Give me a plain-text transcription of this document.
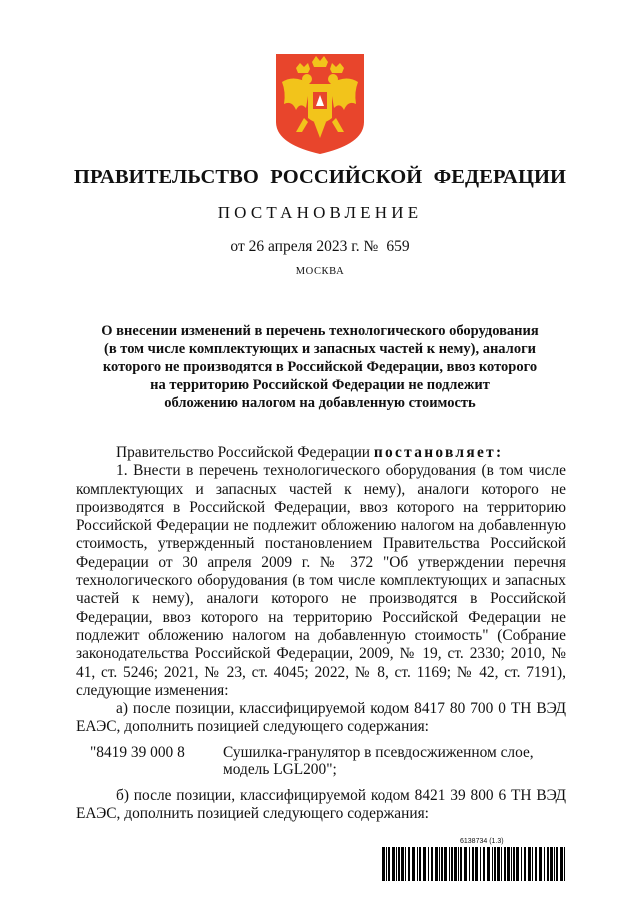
ПРАВИТЕЛЬСТВО РОССИЙСКОЙ ФЕДЕРАЦИИ
ПОСТАНОВЛЕНИЕ
от 26 апреля 2023 г. № 659
МОСКВА
О внесении изменений в перечень технологического оборудования
(в том числе комплектующих и запасных частей к нему), аналоги
которого не производятся в Российской Федерации, ввоз которого
на территорию Российской Федерации не подлежит
обложению налогом на добавленную стоимость

Правительство Российской Федерации постановляет:

1. Внести в перечень технологического оборудования (в том числе комплектующих и запасных частей к нему), аналоги которого не производятся в Российской Федерации, ввоз которого на территорию Российской Федерации не подлежит обложению налогом на добавленную стоимость, утвержденный постановлением Правительства Российской Федерации от 30 апреля 2009 г. № 372 "Об утверждении перечня технологического оборудования (в том числе комплектующих и запасных частей к нему), аналоги которого не производятся в Российской Федерации, ввоз которого на территорию Российской Федерации не подлежит обложению налогом на добавленную стоимость" (Собрание законодательства Российской Федерации, 2009, № 19, ст. 2330; 2010, № 41, ст. 5246; 2021, № 23, ст. 4045; 2022, № 8, ст. 1169; № 42, ст. 7191), следующие изменения:

а) после позиции, классифицируемой кодом 8417 80 700 0 ТН ВЭД ЕАЭС, дополнить позицией следующего содержания:

"8419 39 000 8	Сушилка-гранулятор в псевдосжиженном слое,
модель LGL200";

б) после позиции, классифицируемой кодом 8421 39 800 6 ТН ВЭД ЕАЭС, дополнить позицией следующего содержания:

6138734 (1.3)
